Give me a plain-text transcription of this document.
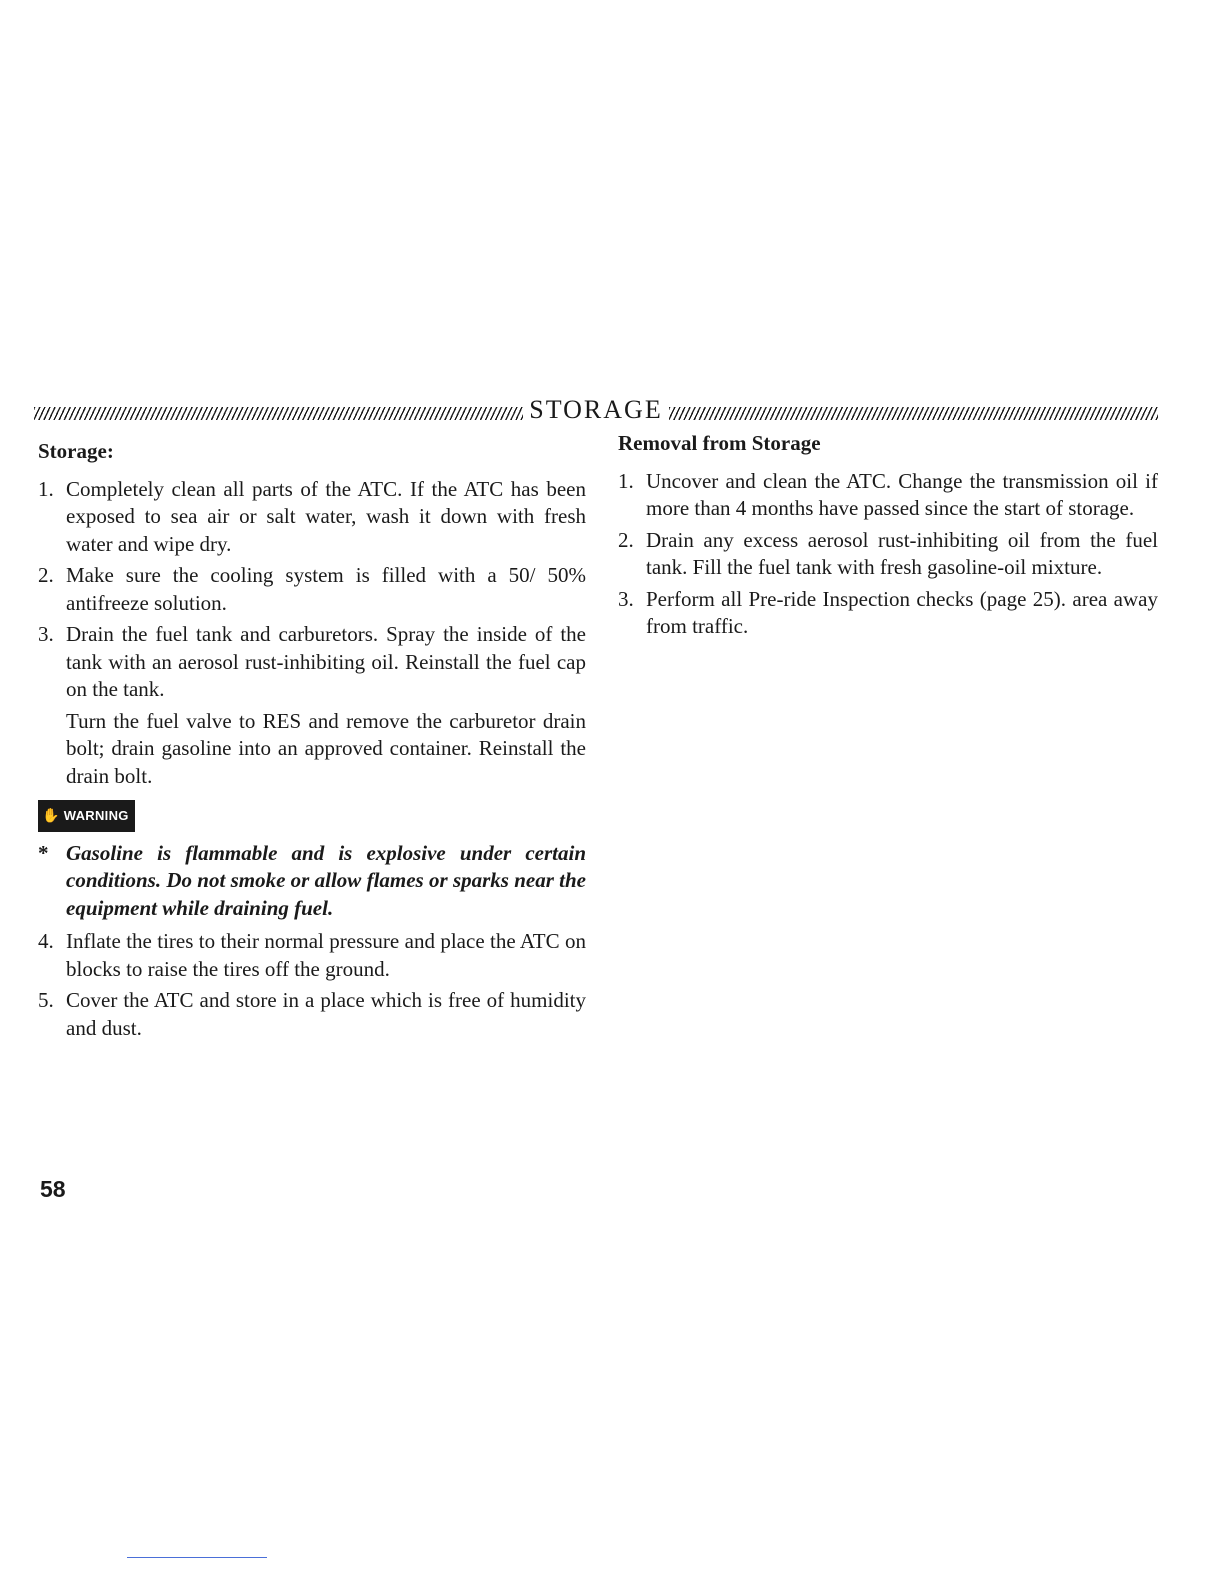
STORAGE
Storage:
1. Completely clean all parts of the ATC. If the ATC has been exposed to sea air or salt water, wash it down with fresh water and wipe dry.
2. Make sure the cooling system is filled with a 50/ 50% antifreeze solution.
3. Drain the fuel tank and carburetors. Spray the inside of the tank with an aerosol rust-inhibiting oil. Reinstall the fuel cap on the tank.
Turn the fuel valve to RES and remove the carburetor drain bolt; drain gasoline into an approved container. Reinstall the drain bolt.
✋ WARNING
* Gasoline is flammable and is explosive under certain conditions. Do not smoke or allow flames or sparks near the equipment while draining fuel.
4. Inflate the tires to their normal pressure and place the ATC on blocks to raise the tires off the ground.
5. Cover the ATC and store in a place which is free of humidity and dust.
Removal from Storage
1. Uncover and clean the ATC. Change the transmission oil if more than 4 months have passed since the start of storage.
2. Drain any excess aerosol rust-inhibiting oil from the fuel tank. Fill the fuel tank with fresh gasoline-oil mixture.
3. Perform all Pre-ride Inspection checks (page 25). area away from traffic.
58
